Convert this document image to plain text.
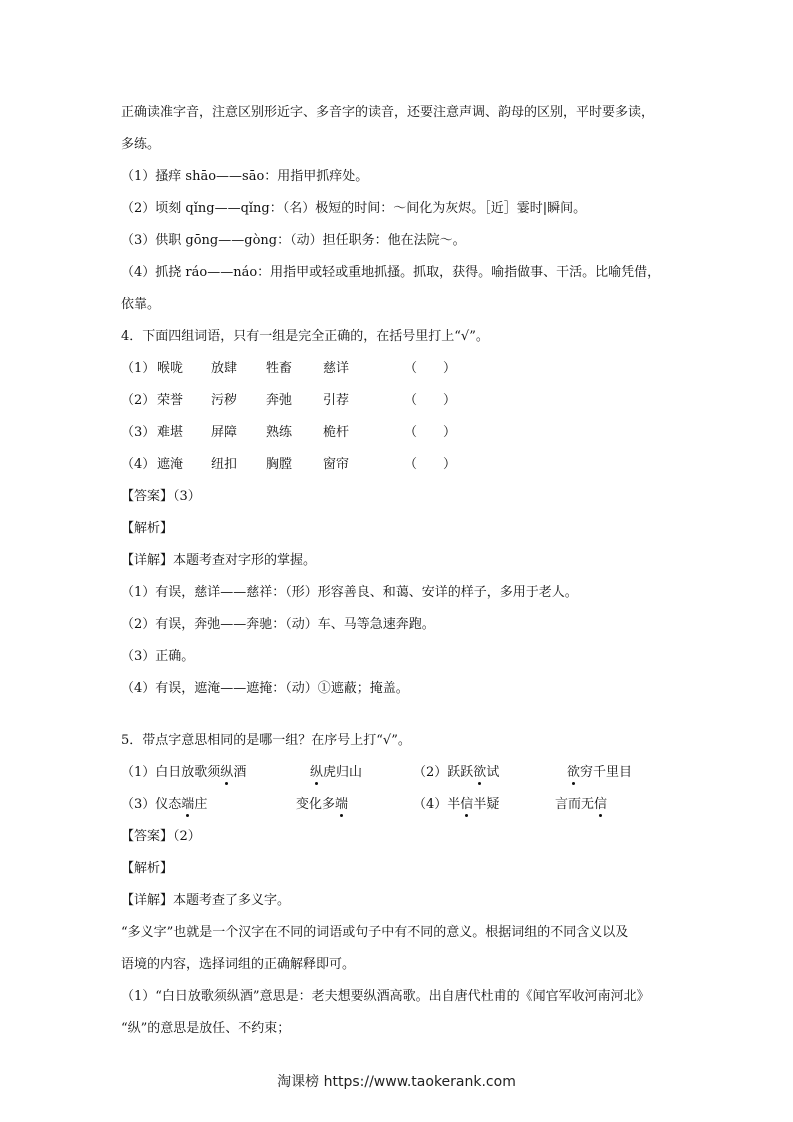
正确读准字音，注意区别形近字、多音字的读音，还要注意声调、韵母的区别，平时要多读，
多练。
（1）搔痒 shāo——sāo：用指甲抓痒处。
（2）顷刻 qǐng——qǐng：（名）极短的时间：～间化为灰烬。［近］霎时|瞬间。
（3）供职 gōng——gòng：（动）担任职务：他在法院～。
（4）抓挠 ráo——náo：用指甲或轻或重地抓搔。抓取，获得。喻指做事、干活。比喻凭借，
依靠。
4．下面四组词语，只有一组是完全正确的，在括号里打上“√”。
（1） 喉咙 放肆 牲畜 慈详	（　　）
（2） 荣誉 污秽 奔弛 引荐	（　　）
（3） 难堪 屏障 熟练 桅杆	（　　）
（4） 遮淹 纽扣 胸膛 窗帘	（　　）
【答案】（3）
【解析】
【详解】本题考查对字形的掌握。
（1）有误，慈详——慈祥：（形）形容善良、和蔼、安详的样子，多用于老人。
（2）有误，奔弛——奔驰：（动）车、马等急速奔跑。
（3）正确。
（4）有误，遮淹——遮掩：（动）①遮蔽；掩盖。
5．带点字意思相同的是哪一组？在序号上打“√”。
（1）白日放歌须纵酒	纵虎归山	（2）跃跃欲试	欲穷千里目
（3）仪态端庄	变化多端	（4）半信半疑	言而无信
【答案】（2）
【解析】
【详解】本题考查了多义字。
“多义字”也就是一个汉字在不同的词语或句子中有不同的意义。根据词组的不同含义以及
语境的内容，选择词组的正确解释即可。
（1）“白日放歌须纵酒”意思是：老夫想要纵酒高歌。出自唐代杜甫的《闻官军收河南河北》
“纵”的意思是放任、不约束；
淘课榜 https://www.taokerank.com
